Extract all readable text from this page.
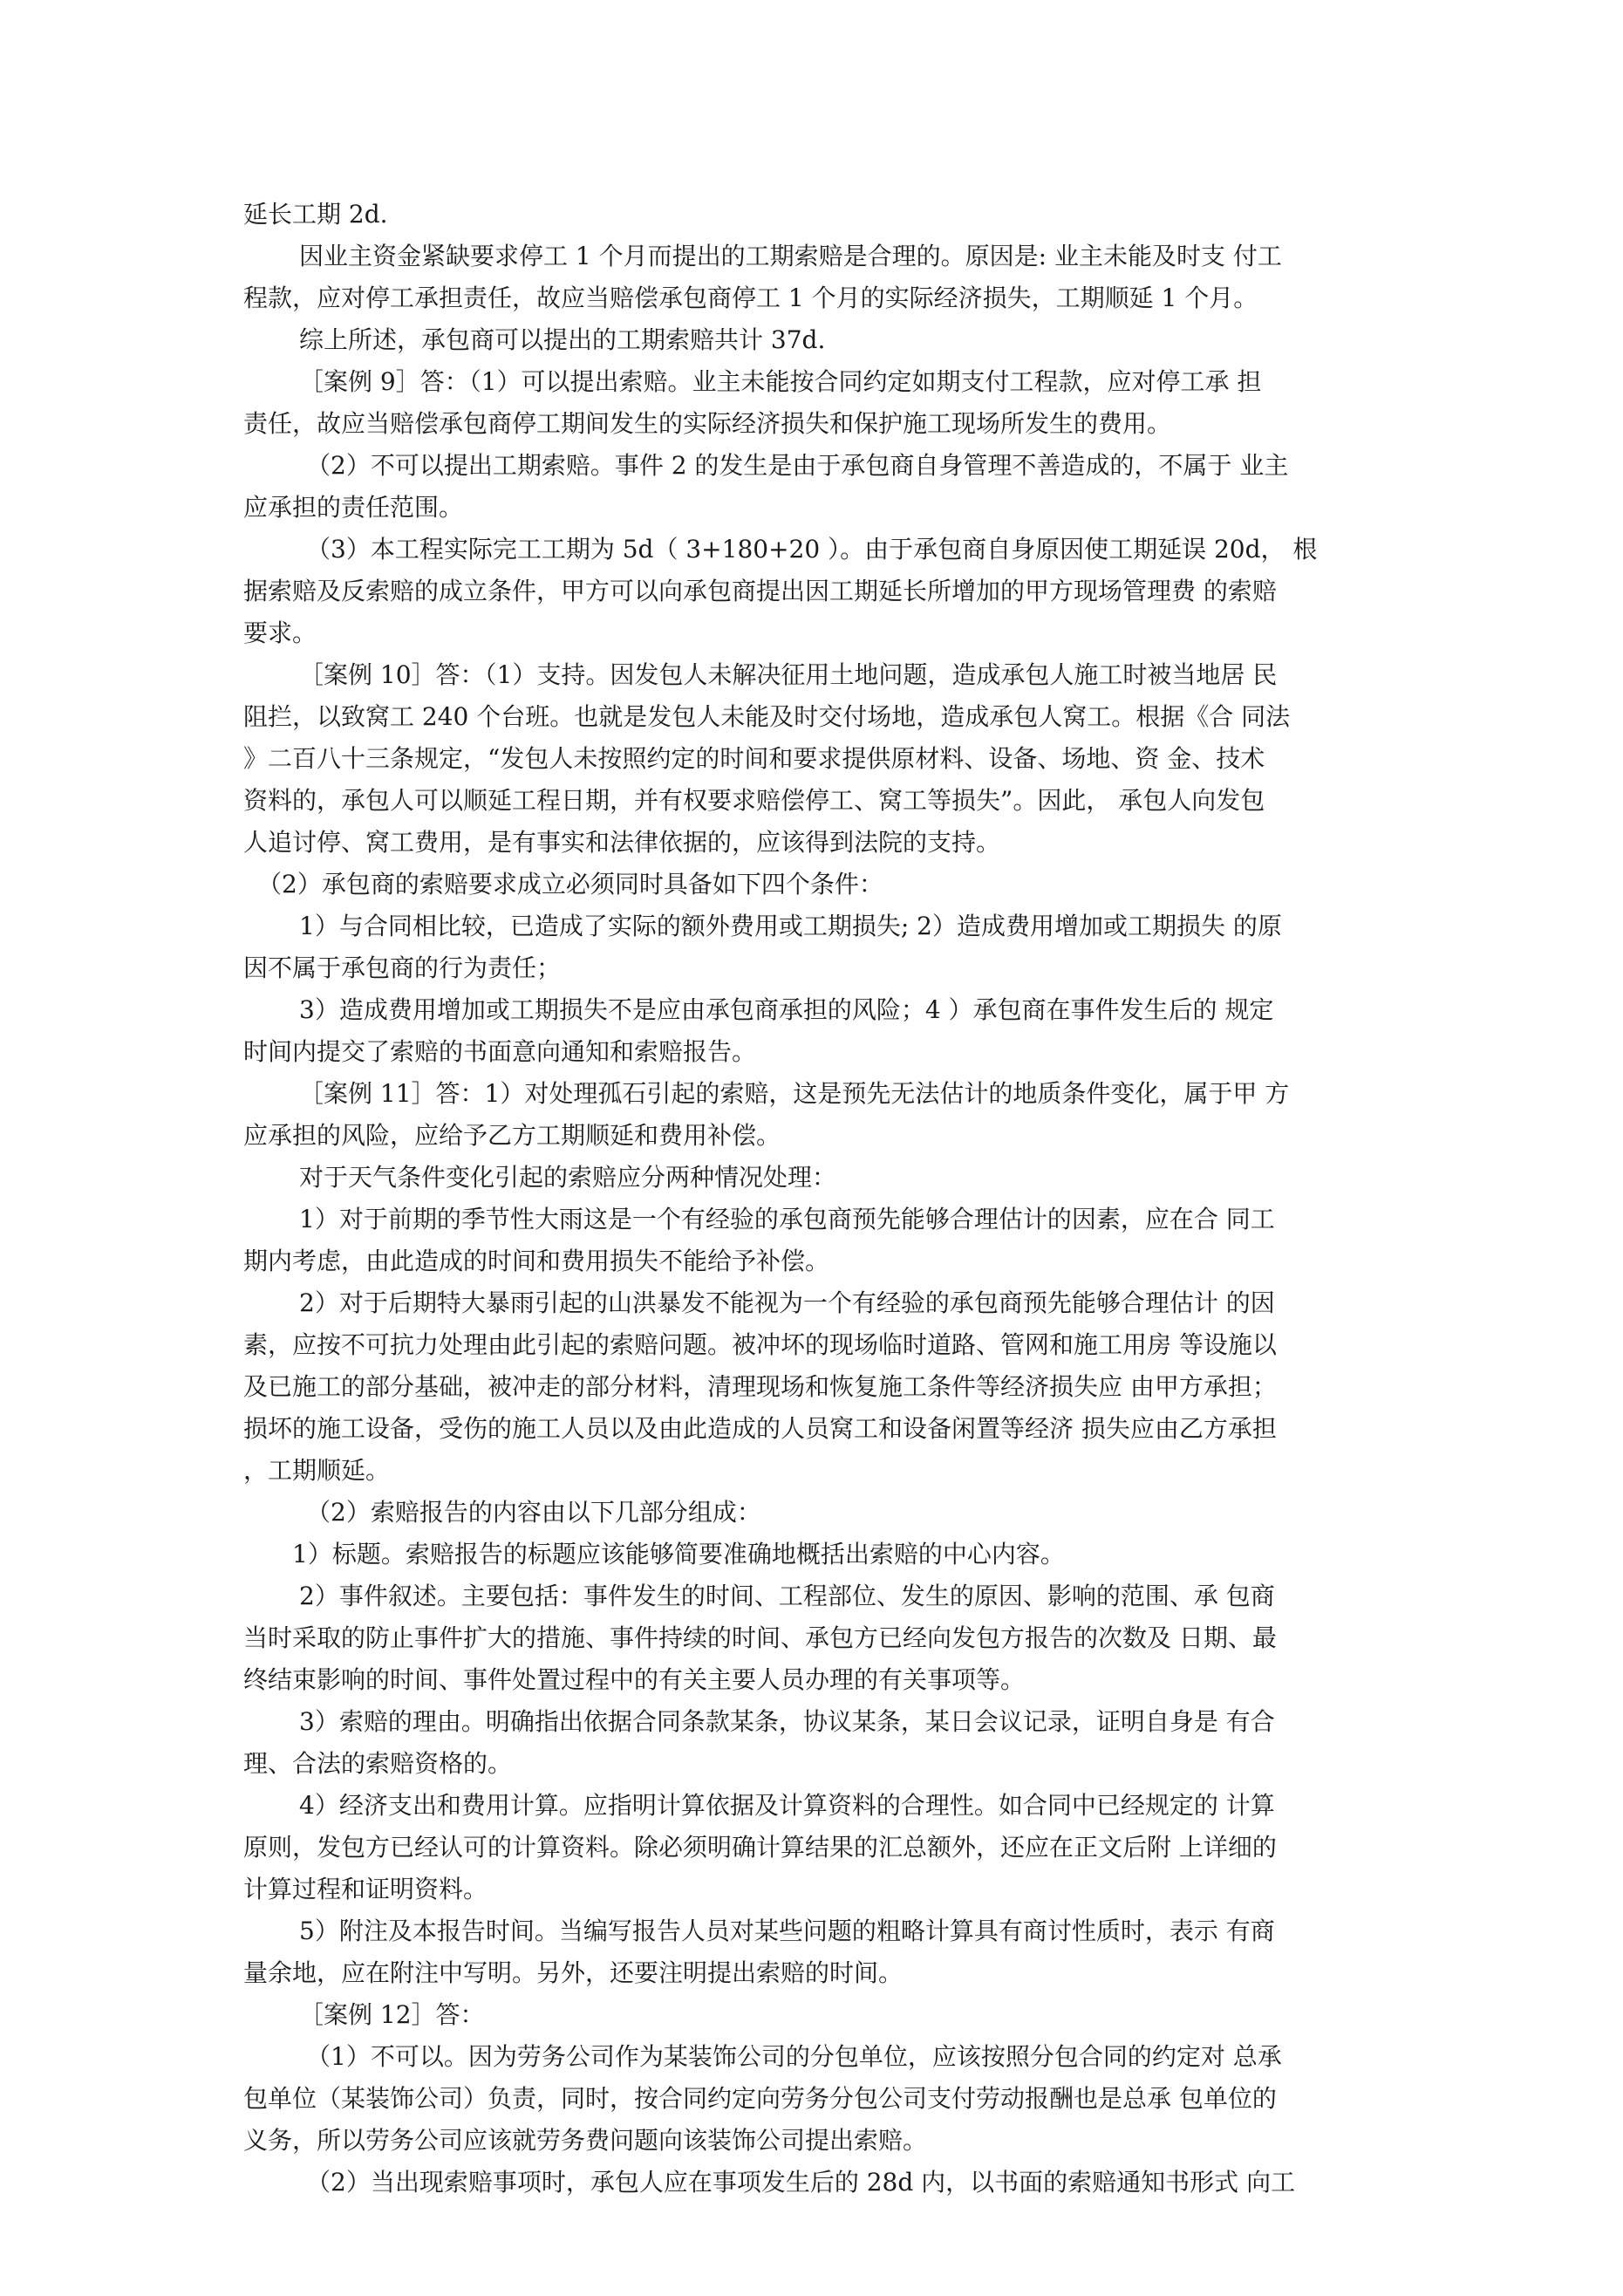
延长工期 2d.

因业主资金紧缺要求停工 1 个月而提出的工期索赔是合理的。原因是: 业主未能及时支 付工

程款，应对停工承担责任，故应当赔偿承包商停工 1 个月的实际经济损失，工期顺延 1 个月。

综上所述，承包商可以提出的工期索赔共计 37d.

［案例 9］答：（1）可以提出索赔。业主未能按合同约定如期支付工程款，应对停工承 担

责任，故应当赔偿承包商停工期间发生的实际经济损失和保护施工现场所发生的费用。

（2）不可以提出工期索赔。事件 2 的发生是由于承包商自身管理不善造成的，不属于 业主

应承担的责任范围。

（3）本工程实际完工工期为 5d（ 3+180+20 ）。由于承包商自身原因使工期延误 20d， 根

据索赔及反索赔的成立条件，甲方可以向承包商提出因工期延长所增加的甲方现场管理费 的索赔

要求。

［案例 10］答：（1）支持。因发包人未解决征用土地问题，造成承包人施工时被当地居 民

阻拦，以致窝工 240 个台班。也就是发包人未能及时交付场地，造成承包人窝工。根据《合 同法

》二百八十三条规定，“发包人未按照约定的时间和要求提供原材料、设备、场地、资 金、技术

资料的，承包人可以顺延工程日期，并有权要求赔偿停工、窝工等损失”。因此， 承包人向发包

人追讨停、窝工费用，是有事实和法律依据的，应该得到法院的支持。

（2）承包商的索赔要求成立必须同时具备如下四个条件：

1）与合同相比较，已造成了实际的额外费用或工期损失; 2）造成费用增加或工期损失 的原

因不属于承包商的行为责任；

3）造成费用增加或工期损失不是应由承包商承担的风险；4 ）承包商在事件发生后的 规定

时间内提交了索赔的书面意向通知和索赔报告。

［案例 11］答：1）对处理孤石引起的索赔，这是预先无法估计的地质条件变化，属于甲 方

应承担的风险，应给予乙方工期顺延和费用补偿。

对于天气条件变化引起的索赔应分两种情况处理：

1）对于前期的季节性大雨这是一个有经验的承包商预先能够合理估计的因素，应在合 同工

期内考虑，由此造成的时间和费用损失不能给予补偿。

2）对于后期特大暴雨引起的山洪暴发不能视为一个有经验的承包商预先能够合理估计 的因

素，应按不可抗力处理由此引起的索赔问题。被冲坏的现场临时道路、管网和施工用房 等设施以

及已施工的部分基础，被冲走的部分材料，清理现场和恢复施工条件等经济损失应 由甲方承担；

损坏的施工设备，受伤的施工人员以及由此造成的人员窝工和设备闲置等经济 损失应由乙方承担

，工期顺延。

（2）索赔报告的内容由以下几部分组成：

1）标题。索赔报告的标题应该能够简要准确地概括出索赔的中心内容。

2）事件叙述。主要包括：事件发生的时间、工程部位、发生的原因、影响的范围、承 包商

当时采取的防止事件扩大的措施、事件持续的时间、承包方已经向发包方报告的次数及 日期、最

终结束影响的时间、事件处置过程中的有关主要人员办理的有关事项等。

3）索赔的理由。明确指出依据合同条款某条，协议某条，某日会议记录，证明自身是 有合

理、合法的索赔资格的。

4）经济支出和费用计算。应指明计算依据及计算资料的合理性。如合同中已经规定的 计算

原则，发包方已经认可的计算资料。除必须明确计算结果的汇总额外，还应在正文后附 上详细的

计算过程和证明资料。

5）附注及本报告时间。当编写报告人员对某些问题的粗略计算具有商讨性质时，表示 有商

量余地，应在附注中写明。另外，还要注明提出索赔的时间。

［案例 12］答：

（1）不可以。因为劳务公司作为某装饰公司的分包单位，应该按照分包合同的约定对 总承

包单位（某装饰公司）负责，同时，按合同约定向劳务分包公司支付劳动报酬也是总承 包单位的

义务，所以劳务公司应该就劳务费问题向该装饰公司提出索赔。

（2）当出现索赔事项时，承包人应在事项发生后的 28d 内，以书面的索赔通知书形式 向工
